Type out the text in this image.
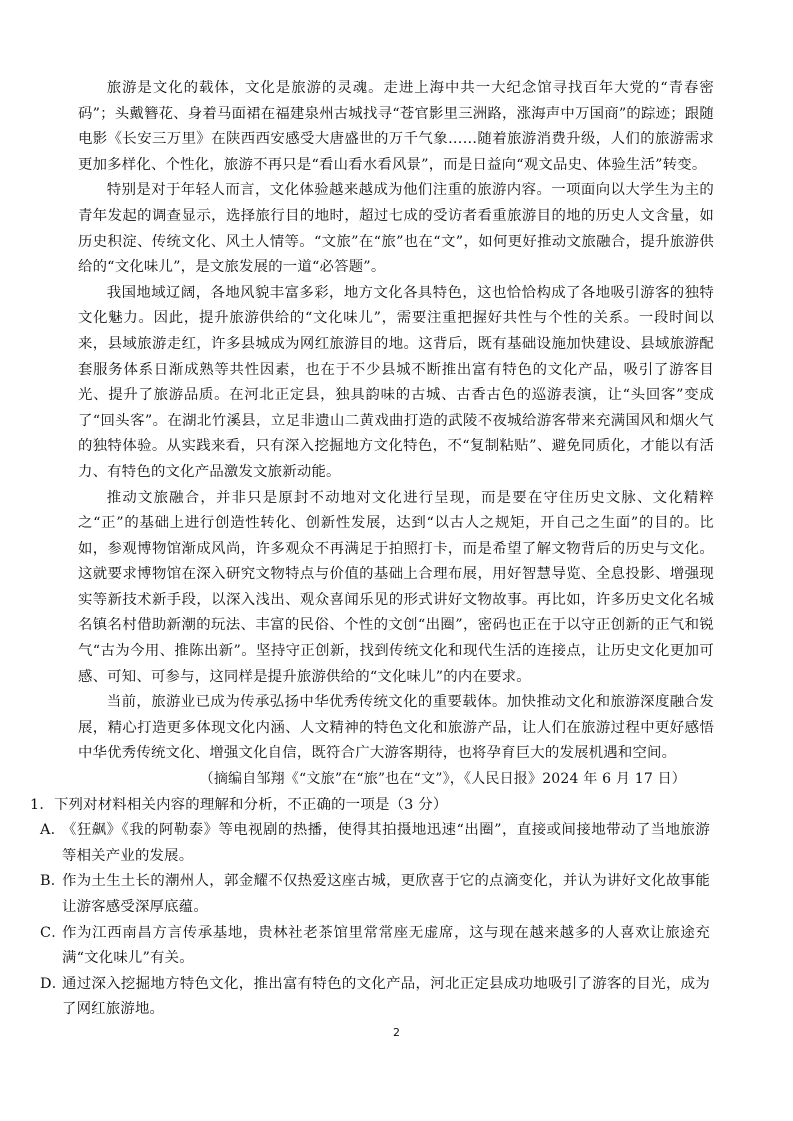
旅游是文化的载体，文化是旅游的灵魂。走进上海中共一大纪念馆寻找百年大党的“青春密码”；头戴簪花、身着马面裙在福建泉州古城找寻“苍官影里三洲路，涨海声中万国商”的踪迹；跟随电影《长安三万里》在陕西西安感受大唐盛世的万千气象……随着旅游消费升级，人们的旅游需求更加多样化、个性化，旅游不再只是“看山看水看风景”，而是日益向“观文品史、体验生活”转变。

特别是对于年轻人而言，文化体验越来越成为他们注重的旅游内容。一项面向以大学生为主的青年发起的调查显示，选择旅行目的地时，超过七成的受访者看重旅游目的地的历史人文含量，如历史积淀、传统文化、风土人情等。“文旅”在“旅”也在“文”，如何更好推动文旅融合，提升旅游供给的“文化味儿”，是文旅发展的一道“必答题”。

我国地域辽阔，各地风貌丰富多彩，地方文化各具特色，这也恰恰构成了各地吸引游客的独特文化魅力。因此，提升旅游供给的“文化味儿”，需要注重把握好共性与个性的关系。一段时间以来，县域旅游走红，许多县城成为网红旅游目的地。这背后，既有基础设施加快建设、县域旅游配套服务体系日渐成熟等共性因素，也在于不少县城不断推出富有特色的文化产品，吸引了游客目光、提升了旅游品质。在河北正定县，独具韵味的古城、古香古色的巡游表演，让“头回客”变成了“回头客”。在湖北竹溪县，立足非遗山二黄戏曲打造的武陵不夜城给游客带来充满国风和烟火气的独特体验。从实践来看，只有深入挖掘地方文化特色，不“复制粘贴”、避免同质化，才能以有活力、有特色的文化产品激发文旅新动能。

推动文旅融合，并非只是原封不动地对文化进行呈现，而是要在守住历史文脉、文化精粹之“正”的基础上进行创造性转化、创新性发展，达到“以古人之规矩，开自己之生面”的目的。比如，参观博物馆渐成风尚，许多观众不再满足于拍照打卡，而是希望了解文物背后的历史与文化。这就要求博物馆在深入研究文物特点与价值的基础上合理布展，用好智慧导览、全息投影、增强现实等新技术新手段，以深入浅出、观众喜闻乐见的形式讲好文物故事。再比如，许多历史文化名城名镇名村借助新潮的玩法、丰富的民俗、个性的文创“出圈”，密码也正在于以守正创新的正气和锐气“古为今用、推陈出新”。坚持守正创新，找到传统文化和现代生活的连接点，让历史文化更加可感、可知、可参与，这同样是提升旅游供给的“文化味儿”的内在要求。

当前，旅游业已成为传承弘扬中华优秀传统文化的重要载体。加快推动文化和旅游深度融合发展，精心打造更多体现文化内涵、人文精神的特色文化和旅游产品，让人们在旅游过程中更好感悟中华优秀传统文化、增强文化自信，既符合广大游客期待，也将孕育巨大的发展机遇和空间。

（摘编自邹翔《“文旅”在“旅”也在“文”》，《人民日报》2024 年 6 月 17 日）

1．下列对材料相关内容的理解和分析，不正确的一项是（3 分）

A．
《狂飙》《我的阿勒泰》等电视剧的热播，使得其拍摄地迅速“出圈”，直接或间接地带动了当地旅游等相关产业的发展。
B．
作为土生土长的潮州人，郭金耀不仅热爱这座古城，更欣喜于它的点滴变化，并认为讲好文化故事能让游客感受深厚底蕴。
C．
作为江西南昌方言传承基地，贵林社老茶馆里常常座无虚席，这与现在越来越多的人喜欢让旅途充满“文化味儿”有关。
D．
通过深入挖掘地方特色文化，推出富有特色的文化产品，河北正定县成功地吸引了游客的目光，成为了网红旅游地。
2
